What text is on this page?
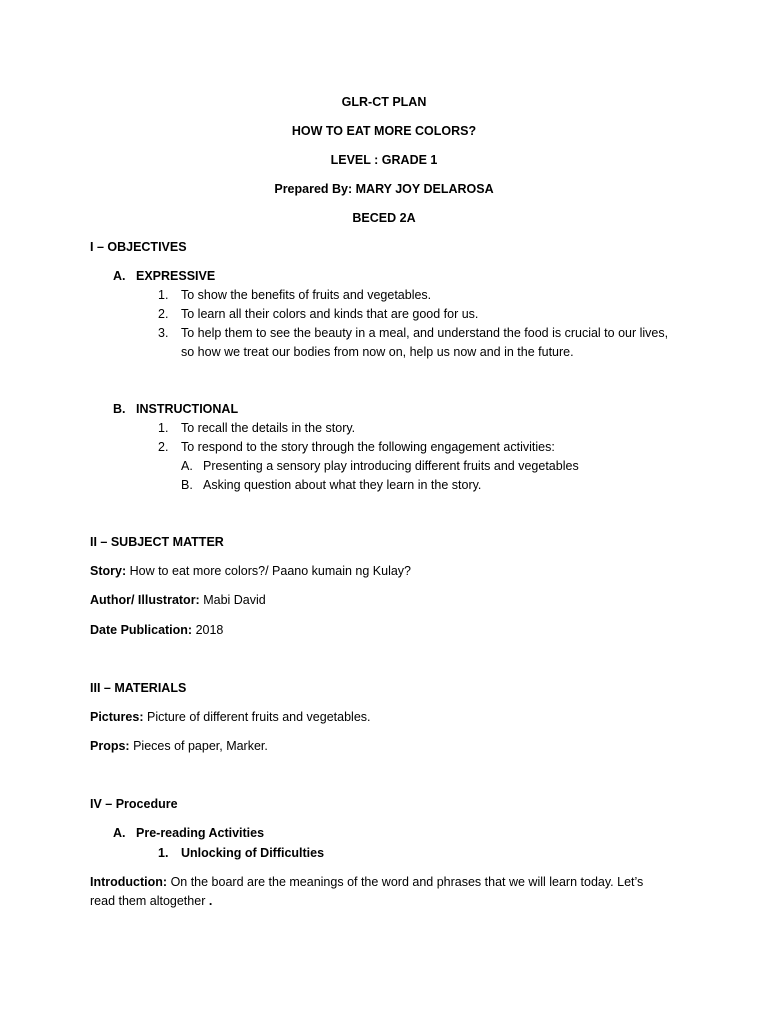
GLR-CT PLAN
HOW TO EAT MORE COLORS?
LEVEL : GRADE 1
Prepared By: MARY JOY DELAROSA
BECED 2A
I – OBJECTIVES
A. EXPRESSIVE
1. To show the benefits of fruits and vegetables.
2. To learn all their colors and kinds that are good for us.
3. To help them to see the beauty in a meal, and understand the food is crucial to our lives,
so how we treat our bodies from now on, help us now and in the future.
B. INSTRUCTIONAL
1. To recall the details in the story.
2. To respond to the story through the following engagement activities:
A. Presenting a sensory play introducing different fruits and vegetables
B. Asking question about what they learn in the story.
II – SUBJECT MATTER
Story: How to eat more colors?/ Paano kumain ng Kulay?
Author/ Illustrator: Mabi David
Date Publication: 2018
III – MATERIALS
Pictures: Picture of different fruits and vegetables.
Props: Pieces of paper, Marker.
IV – Procedure
A. Pre-reading Activities
1. Unlocking of Difficulties
Introduction: On the board are the meanings of the word and phrases that we will learn today. Let’s
read them altogether .
